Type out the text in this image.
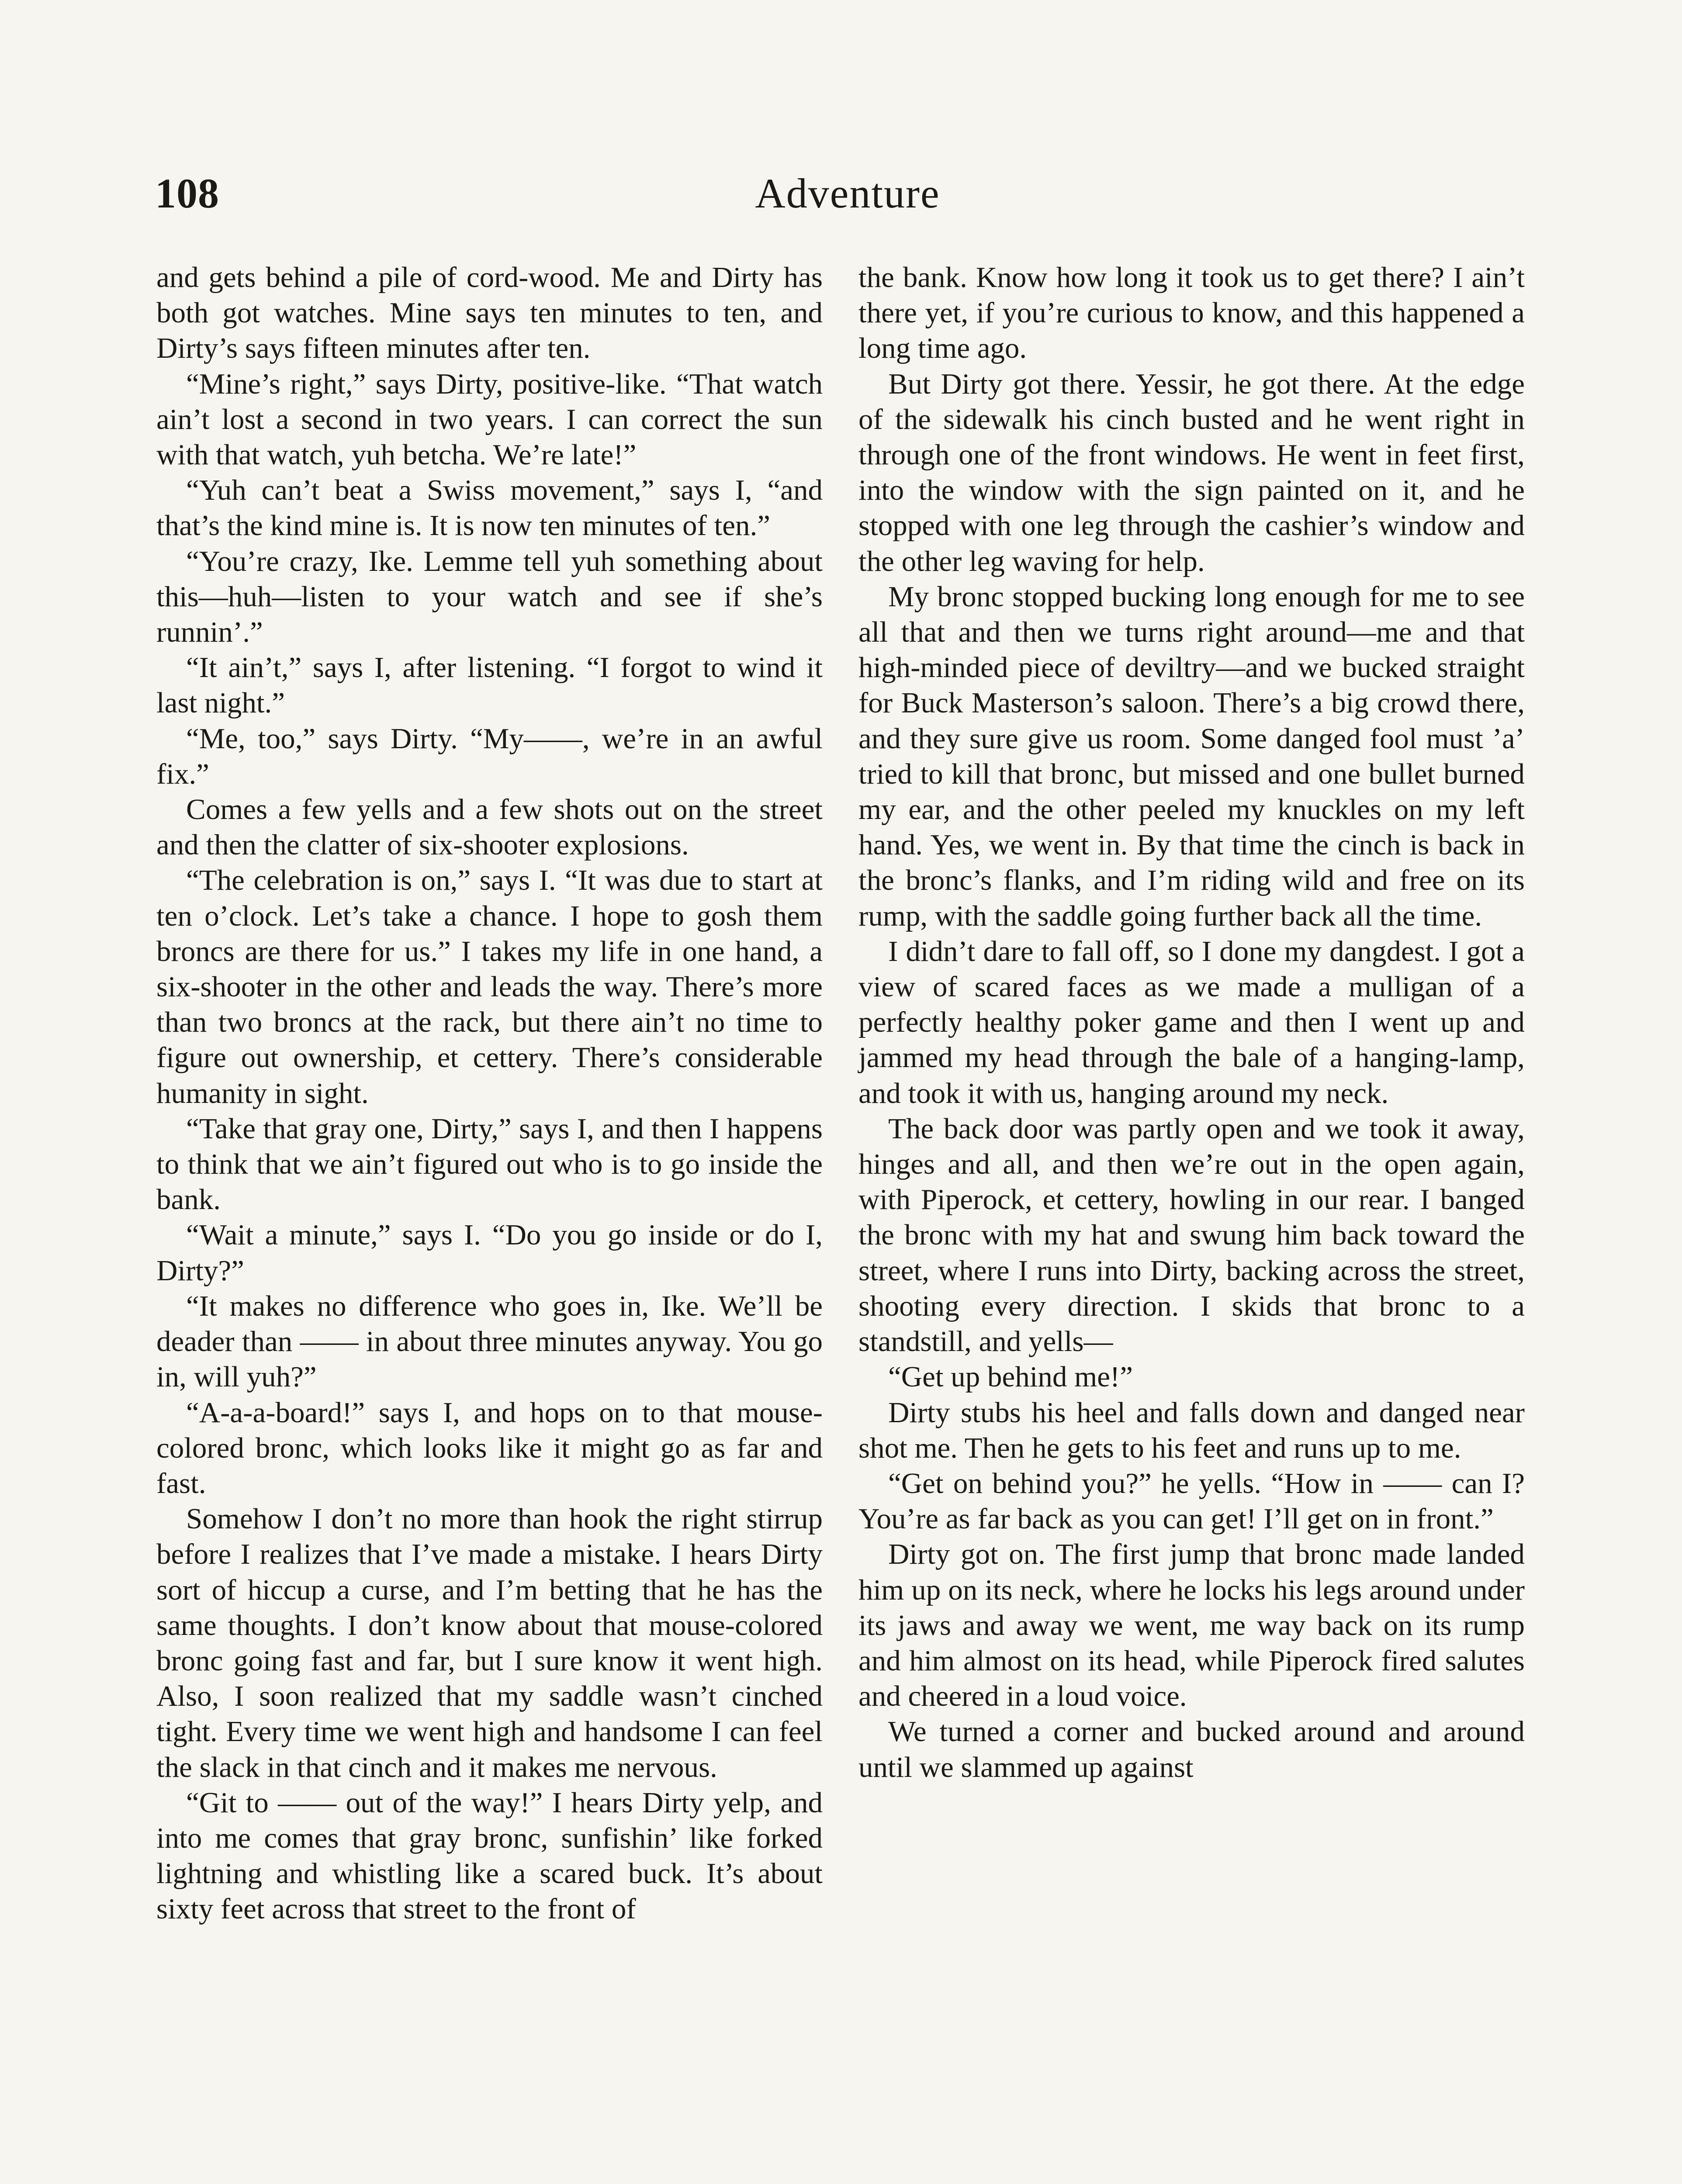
108	Adventure

and gets behind a pile of cord-wood. Me and Dirty has both got watches. Mine says ten minutes to ten, and Dirty’s says fifteen minutes after ten.

“Mine’s right,” says Dirty, positive-like. “That watch ain’t lost a second in two years. I can correct the sun with that watch, yuh betcha. We’re late!”

“Yuh can’t beat a Swiss movement,” says I, “and that’s the kind mine is. It is now ten minutes of ten.”

“You’re crazy, Ike. Lemme tell yuh something about this—huh—listen to your watch and see if she’s runnin’.”

“It ain’t,” says I, after listening. “I forgot to wind it last night.”

“Me, too,” says Dirty. “My——, we’re in an awful fix.”

Comes a few yells and a few shots out on the street and then the clatter of six-shooter explosions.

“The celebration is on,” says I. “It was due to start at ten o’clock. Let’s take a chance. I hope to gosh them broncs are there for us.” I takes my life in one hand, a six-shooter in the other and leads the way. There’s more than two broncs at the rack, but there ain’t no time to figure out ownership, et cettery. There’s considerable humanity in sight.

“Take that gray one, Dirty,” says I, and then I happens to think that we ain’t figured out who is to go inside the bank.

“Wait a minute,” says I. “Do you go inside or do I, Dirty?”

“It makes no difference who goes in, Ike. We’ll be deader than —— in about three minutes anyway. You go in, will yuh?”

“A-a-a-board!” says I, and hops on to that mouse-colored bronc, which looks like it might go as far and fast.

Somehow I don’t no more than hook the right stirrup before I realizes that I’ve made a mistake. I hears Dirty sort of hiccup a curse, and I’m betting that he has the same thoughts. I don’t know about that mouse-colored bronc going fast and far, but I sure know it went high. Also, I soon realized that my saddle wasn’t cinched tight. Every time we went high and handsome I can feel the slack in that cinch and it makes me nervous.

“Git to —— out of the way!” I hears Dirty yelp, and into me comes that gray bronc, sunfishin’ like forked lightning and whistling like a scared buck. It’s about sixty feet across that street to the front of

the bank. Know how long it took us to get there? I ain’t there yet, if you’re curious to know, and this happened a long time ago.

But Dirty got there. Yessir, he got there. At the edge of the sidewalk his cinch busted and he went right in through one of the front windows. He went in feet first, into the window with the sign painted on it, and he stopped with one leg through the cashier’s window and the other leg waving for help.

My bronc stopped bucking long enough for me to see all that and then we turns right around—me and that high-minded piece of deviltry—and we bucked straight for Buck Masterson’s saloon. There’s a big crowd there, and they sure give us room. Some danged fool must ’a’ tried to kill that bronc, but missed and one bullet burned my ear, and the other peeled my knuckles on my left hand. Yes, we went in. By that time the cinch is back in the bronc’s flanks, and I’m riding wild and free on its rump, with the saddle going further back all the time.

I didn’t dare to fall off, so I done my dangdest. I got a view of scared faces as we made a mulligan of a perfectly healthy poker game and then I went up and jammed my head through the bale of a hanging-lamp, and took it with us, hanging around my neck.

The back door was partly open and we took it away, hinges and all, and then we’re out in the open again, with Piperock, et cettery, howling in our rear. I banged the bronc with my hat and swung him back toward the street, where I runs into Dirty, backing across the street, shooting every direction. I skids that bronc to a standstill, and yells—

“Get up behind me!”

Dirty stubs his heel and falls down and danged near shot me. Then he gets to his feet and runs up to me.

“Get on behind you?” he yells. “How in —— can I? You’re as far back as you can get! I’ll get on in front.”

Dirty got on. The first jump that bronc made landed him up on its neck, where he locks his legs around under its jaws and away we went, me way back on its rump and him almost on its head, while Piperock fired salutes and cheered in a loud voice.

We turned a corner and bucked around and around until we slammed up against
